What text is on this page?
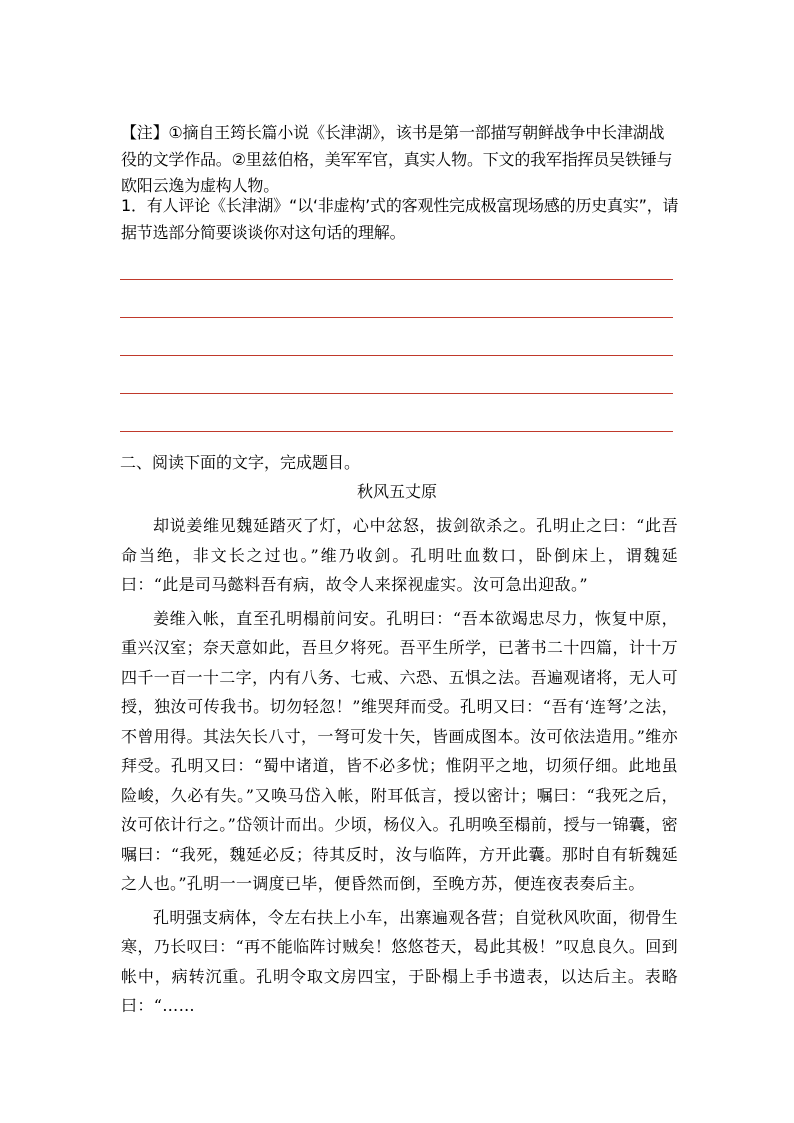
【注】①摘自王筠长篇小说《长津湖》，该书是第一部描写朝鲜战争中长津湖战役的文学作品。②里兹伯格，美军军官，真实人物。下文的我军指挥员吴铁锤与欧阳云逸为虚构人物。
1．有人评论《长津湖》“以‘非虚构’式的客观性完成极富现场感的历史真实”，请据节选部分简要谈谈你对这句话的理解。
二、阅读下面的文字，完成题目。
秋风五丈原

却说姜维见魏延踏灭了灯，心中忿怒，拔剑欲杀之。孔明止之曰：“此吾命当绝，非文长之过也。”维乃收剑。孔明吐血数口，卧倒床上，谓魏延曰：“此是司马懿料吾有病，故令人来探视虚实。汝可急出迎敌。”

姜维入帐，直至孔明榻前问安。孔明曰：“吾本欲竭忠尽力，恢复中原，重兴汉室；奈天意如此，吾旦夕将死。吾平生所学，已著书二十四篇，计十万四千一百一十二字，内有八务、七戒、六恐、五惧之法。吾遍观诸将，无人可授，独汝可传我书。切勿轻忽！”维哭拜而受。孔明又曰：“吾有‘连弩’之法，不曾用得。其法矢长八寸，一弩可发十矢，皆画成图本。汝可依法造用。”维亦拜受。孔明又曰：“蜀中诸道，皆不必多忧；惟阴平之地，切须仔细。此地虽险峻，久必有失。”又唤马岱入帐，附耳低言，授以密计；嘱曰：“我死之后，汝可依计行之。”岱领计而出。少顷，杨仪入。孔明唤至榻前，授与一锦囊，密嘱曰：“我死，魏延必反；待其反时，汝与临阵，方开此囊。那时自有斩魏延之人也。”孔明一一调度已毕，便昏然而倒，至晚方苏，便连夜表奏后主。

孔明强支病体，令左右扶上小车，出寨遍观各营；自觉秋风吹面，彻骨生寒，乃长叹曰：“再不能临阵讨贼矣！悠悠苍天，曷此其极！”叹息良久。回到帐中，病转沉重。孔明令取文房四宝，于卧榻上手书遗表，以达后主。表略曰：“……
